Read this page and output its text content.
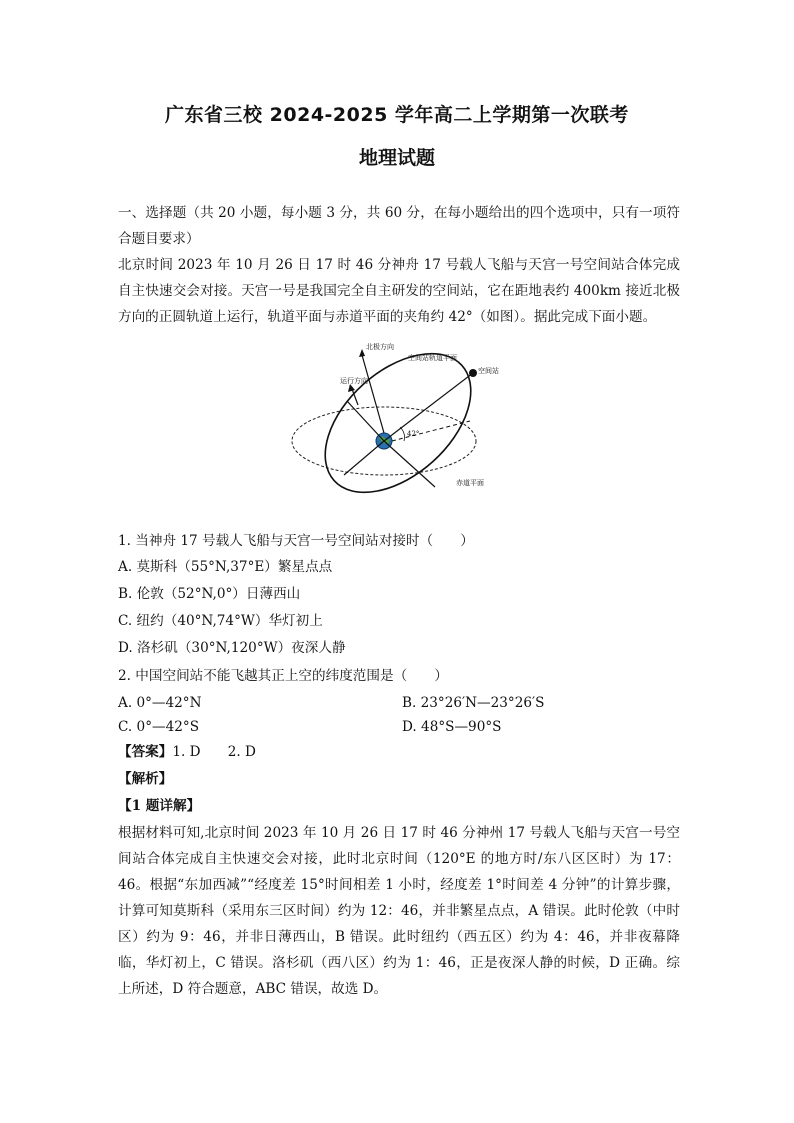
广东省三校 2024-2025 学年高二上学期第一次联考
地理试题
一、选择题（共 20 小题，每小题 3 分，共 60 分，在每小题给出的四个选项中，只有一项符合题目要求）
北京时间 2023 年 10 月 26 日 17 时 46 分神舟 17 号载人飞船与天宫一号空间站合体完成自主快速交会对接。天宫一号是我国完全自主研发的空间站，它在距地表约 400km 接近北极方向的正圆轨道上运行，轨道平面与赤道平面的夹角约 42°（如图）。据此完成下面小题。
北极方向
空间站轨道平面
空间站
运行方向
42°
赤道平面
1. 当神舟 17 号载人飞船与天宫一号空间站对接时（　　）
A. 莫斯科（55°N,37°E）繁星点点
B. 伦敦（52°N,0°）日薄西山
C. 纽约（40°N,74°W）华灯初上
D. 洛杉矶（30°N,120°W）夜深人静
2. 中国空间站不能飞越其正上空的纬度范围是（　　）
A. 0°—42°N	B. 23°26′N—23°26′S
C. 0°—42°S	D. 48°S—90°S
【答案】1. D　　2. D
【解析】
【1 题详解】
根据材料可知,北京时间 2023 年 10 月 26 日 17 时 46 分神州 17 号载人飞船与天宫一号空间站合体完成自主快速交会对接，此时北京时间（120°E 的地方时/东八区区时）为 17：46。根据“东加西减”“经度差 15°时间相差 1 小时，经度差 1°时间差 4 分钟”的计算步骤，计算可知莫斯科（采用东三区时间）约为 12：46，并非繁星点点，A 错误。此时伦敦（中时区）约为 9：46，并非日薄西山，B 错误。此时纽约（西五区）约为 4：46，并非夜幕降临，华灯初上，C 错误。洛杉矶（西八区）约为 1：46，正是夜深人静的时候，D 正确。综上所述，D 符合题意，ABC 错误，故选 D。
